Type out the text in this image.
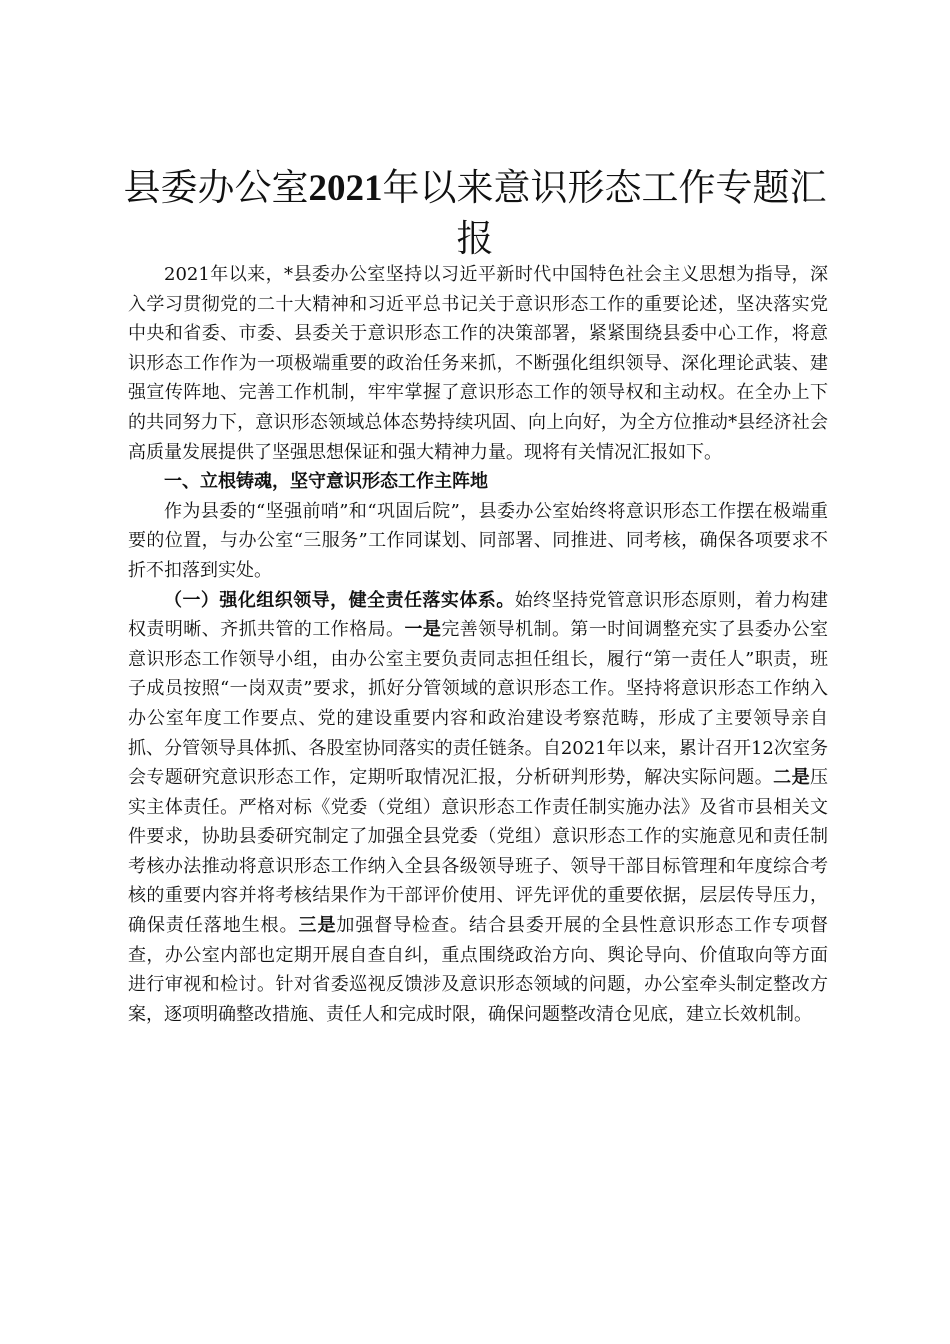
县委办公室2021年以来意识形态工作专题汇报

2021年以来，*县委办公室坚持以习近平新时代中国特色社会主义思想为指导，深入学习贯彻党的二十大精神和习近平总书记关于意识形态工作的重要论述，坚决落实党中央和省委、市委、县委关于意识形态工作的决策部署，紧紧围绕县委中心工作，将意识形态工作作为一项极端重要的政治任务来抓，不断强化组织领导、深化理论武装、建强宣传阵地、完善工作机制，牢牢掌握了意识形态工作的领导权和主动权。在全办上下的共同努力下，意识形态领域总体态势持续巩固、向上向好，为全方位推动*县经济社会高质量发展提供了坚强思想保证和强大精神力量。现将有关情况汇报如下。

一、立根铸魂，坚守意识形态工作主阵地

作为县委的“坚强前哨”和“巩固后院”，县委办公室始终将意识形态工作摆在极端重要的位置，与办公室“三服务”工作同谋划、同部署、同推进、同考核，确保各项要求不折不扣落到实处。

（一）强化组织领导，健全责任落实体系。始终坚持党管意识形态原则，着力构建权责明晰、齐抓共管的工作格局。一是完善领导机制。第一时间调整充实了县委办公室意识形态工作领导小组，由办公室主要负责同志担任组长，履行“第一责任人”职责，班子成员按照“一岗双责”要求，抓好分管领域的意识形态工作。坚持将意识形态工作纳入办公室年度工作要点、党的建设重要内容和政治建设考察范畴，形成了主要领导亲自抓、分管领导具体抓、各股室协同落实的责任链条。自2021年以来，累计召开12次室务会专题研究意识形态工作，定期听取情况汇报，分析研判形势，解决实际问题。二是压实主体责任。严格对标《党委（党组）意识形态工作责任制实施办法》及省市县相关文件要求，协助县委研究制定了加强全县党委（党组）意识形态工作的实施意见和责任制考核办法推动将意识形态工作纳入全县各级领导班子、领导干部目标管理和年度综合考核的重要内容并将考核结果作为干部评价使用、评先评优的重要依据，层层传导压力，确保责任落地生根。三是加强督导检查。结合县委开展的全县性意识形态工作专项督查，办公室内部也定期开展自查自纠，重点围绕政治方向、舆论导向、价值取向等方面进行审视和检讨。针对省委巡视反馈涉及意识形态领域的问题，办公室牵头制定整改方案，逐项明确整改措施、责任人和完成时限，确保问题整改清仓见底，建立长效机制。
